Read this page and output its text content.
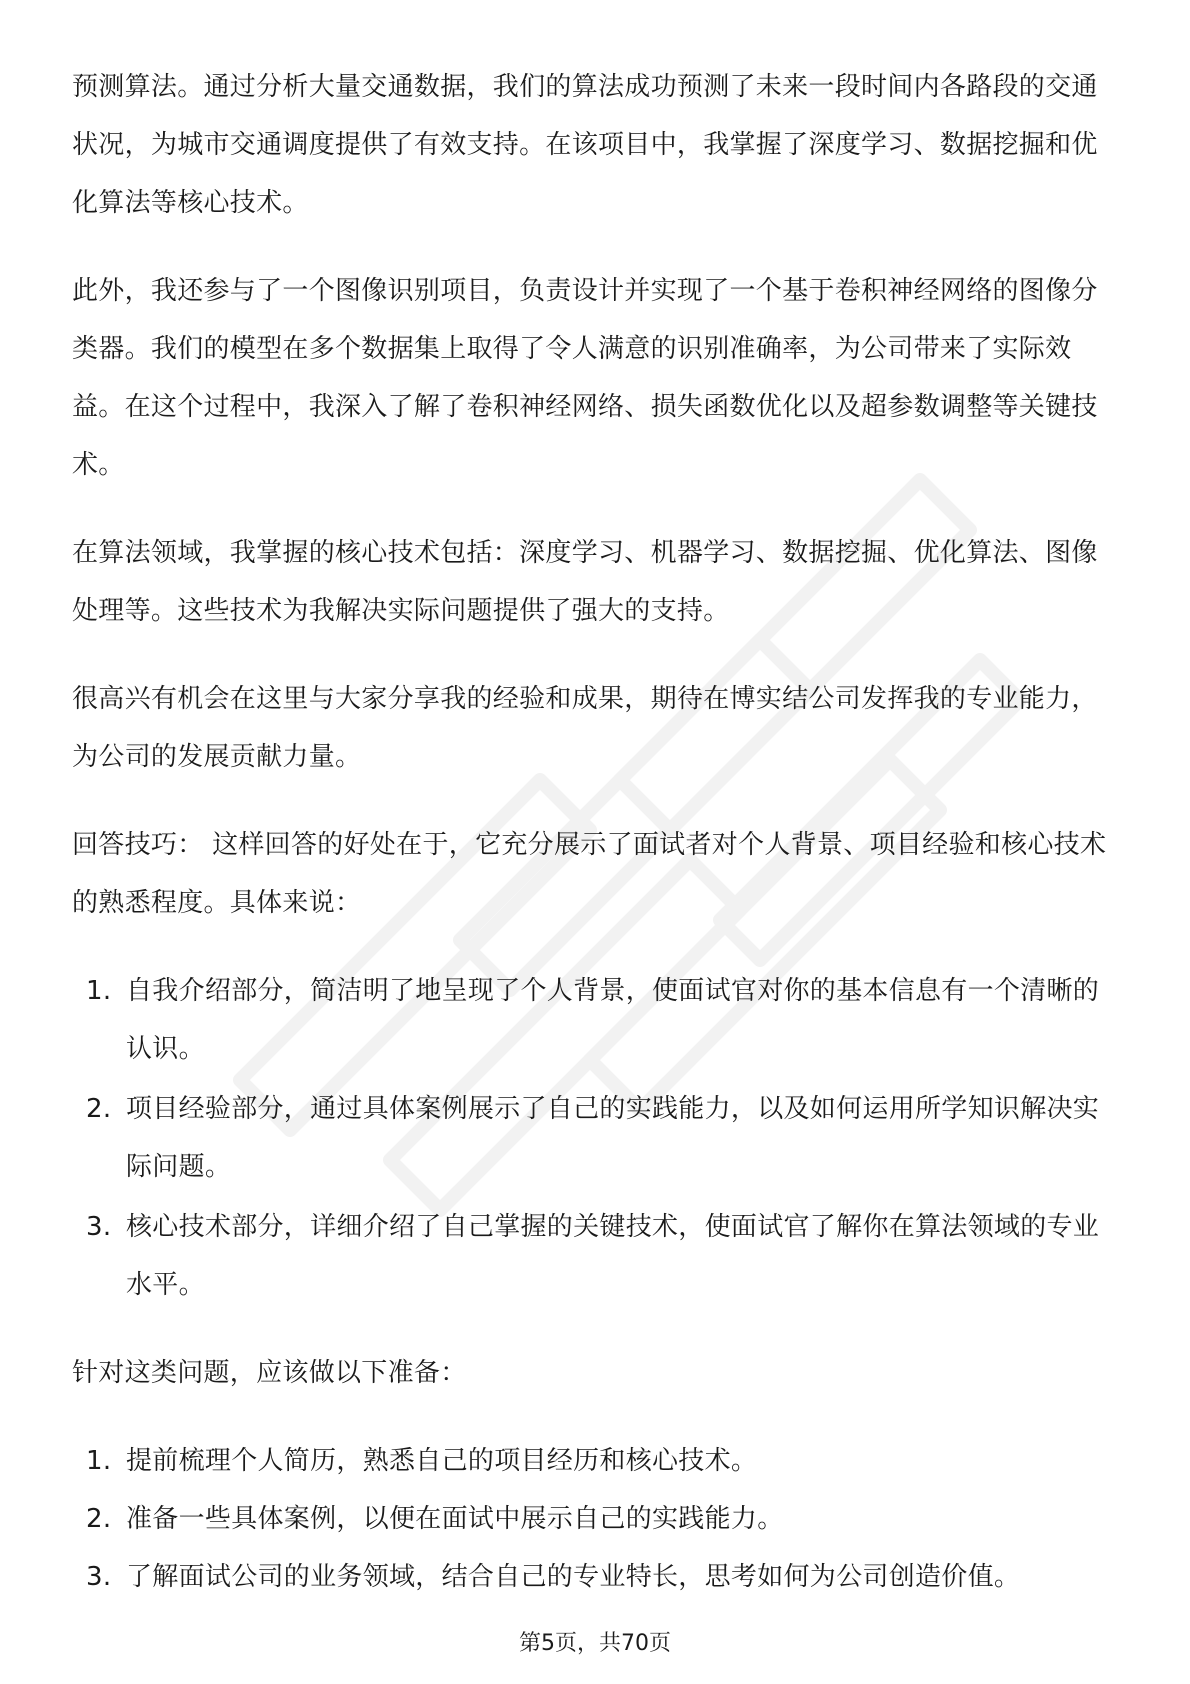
预测算法。通过分析大量交通数据，我们的算法成功预测了未来一段时间内各路段的交通状况，为城市交通调度提供了有效支持。在该项目中，我掌握了深度学习、数据挖掘和优化算法等核心技术。

此外，我还参与了一个图像识别项目，负责设计并实现了一个基于卷积神经网络的图像分类器。我们的模型在多个数据集上取得了令人满意的识别准确率，为公司带来了实际效益。在这个过程中，我深入了解了卷积神经网络、损失函数优化以及超参数调整等关键技术。

在算法领域，我掌握的核心技术包括：深度学习、机器学习、数据挖掘、优化算法、图像处理等。这些技术为我解决实际问题提供了强大的支持。

很高兴有机会在这里与大家分享我的经验和成果，期待在博实结公司发挥我的专业能力，为公司的发展贡献力量。

回答技巧： 这样回答的好处在于，它充分展示了面试者对个人背景、项目经验和核心技术的熟悉程度。具体来说：

1. 自我介绍部分，简洁明了地呈现了个人背景，使面试官对你的基本信息有一个清晰的认识。
2. 项目经验部分，通过具体案例展示了自己的实践能力，以及如何运用所学知识解决实际问题。
3. 核心技术部分，详细介绍了自己掌握的关键技术，使面试官了解你在算法领域的专业水平。

针对这类问题，应该做以下准备：

1. 提前梳理个人简历，熟悉自己的项目经历和核心技术。
2. 准备一些具体案例，以便在面试中展示自己的实践能力。
3. 了解面试公司的业务领域，结合自己的专业特长，思考如何为公司创造价值。
第5页，共70页
